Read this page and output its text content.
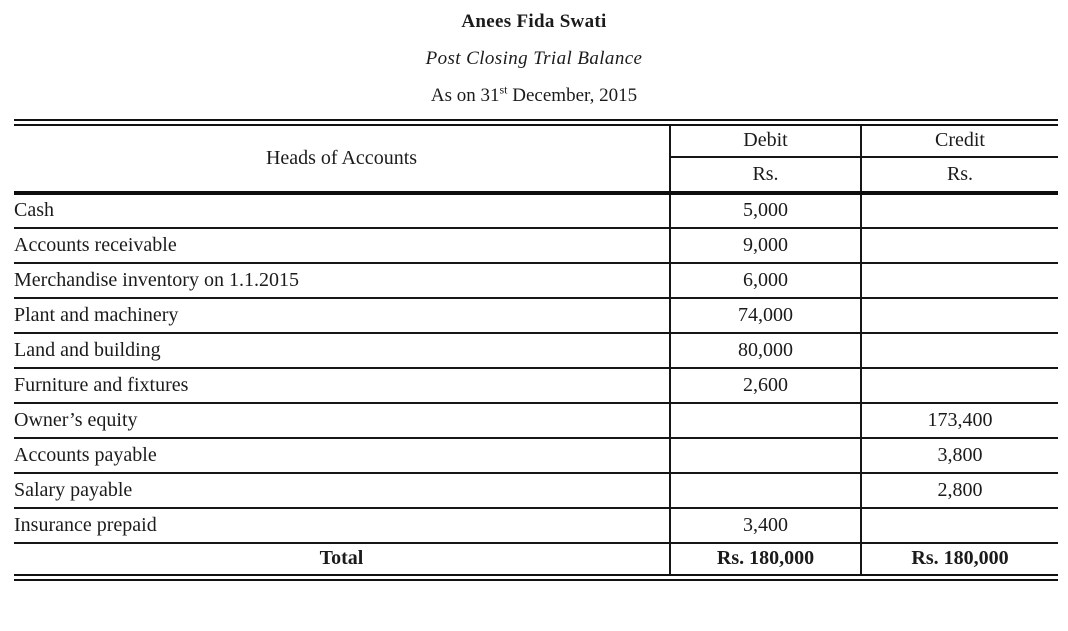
Anees Fida Swati
Post Closing Trial Balance
As on 31st December, 2015
Heads of Accounts	Debit	Credit
	Rs.	Rs.
Cash	5,000	
Accounts receivable	9,000	
Merchandise inventory on 1.1.2015	6,000	
Plant and machinery	74,000	
Land and building	80,000	
Furniture and fixtures	2,600	
Owner’s equity		173,400
Accounts payable		3,800
Salary payable		2,800
Insurance prepaid	3,400	
Total	Rs. 180,000	Rs. 180,000
